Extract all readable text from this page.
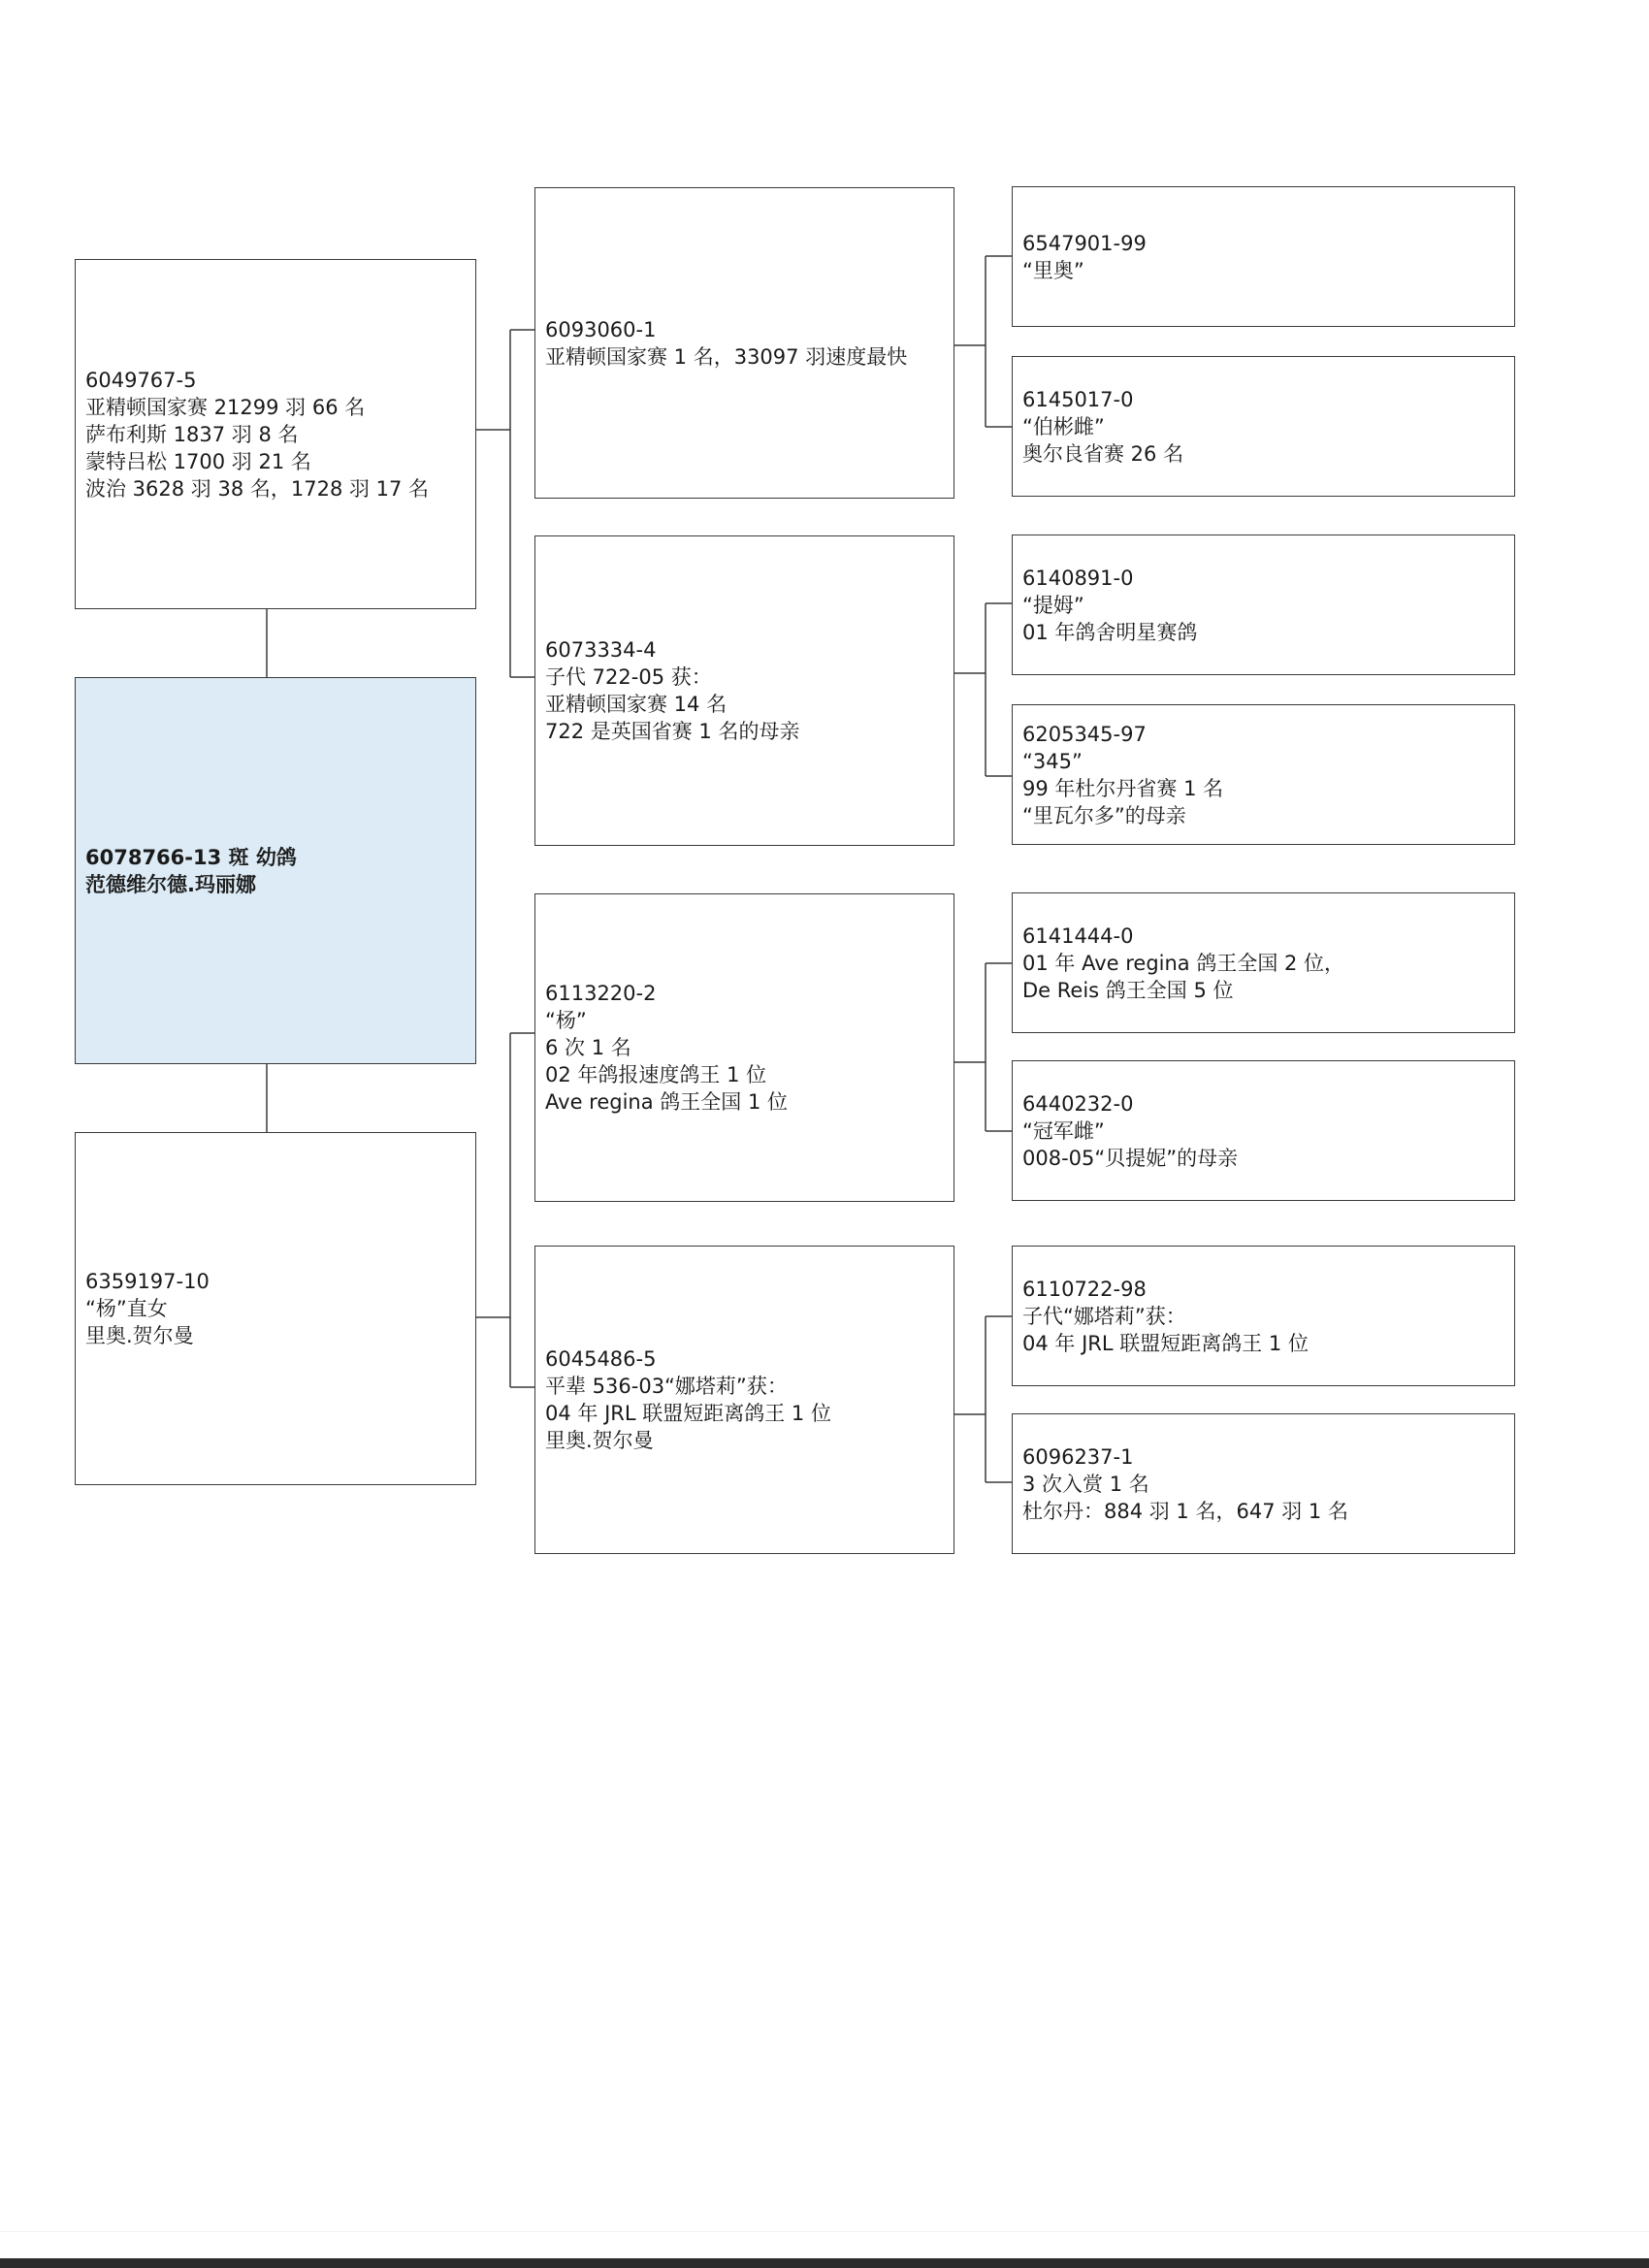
6078766-13 斑 幼鸽
范德维尔德.玛丽娜
6049767-5
亚精顿国家赛 21299 羽 66 名
萨布利斯 1837 羽 8 名
蒙特吕松 1700 羽 21 名
波治 3628 羽 38 名，1728 羽 17 名
6359197-10
“杨”直女
里奥.贺尔曼
6093060-1
亚精顿国家赛 1 名，33097 羽速度最快
6073334-4
子代 722-05 获：
亚精顿国家赛 14 名
722 是英国省赛 1 名的母亲
6113220-2
“杨”
6 次 1 名
02 年鸽报速度鸽王 1 位
Ave regina 鸽王全国 1 位
6045486-5
平辈 536-03“娜塔莉”获：
04 年 JRL 联盟短距离鸽王 1 位
里奥.贺尔曼
6547901-99
“里奥”
6145017-0
“伯彬雌”
奥尔良省赛 26 名
6140891-0
“提姆”
01 年鸽舍明星赛鸽
6205345-97
“345”
99 年杜尔丹省赛 1 名
“里瓦尔多”的母亲
6141444-0
01 年 Ave regina 鸽王全国 2 位，
De Reis 鸽王全国 5 位
6440232-0
“冠军雌”
008-05“贝提妮”的母亲
6110722-98
子代“娜塔莉”获：
04 年 JRL 联盟短距离鸽王 1 位
6096237-1
3 次入赏 1 名
杜尔丹：884 羽 1 名，647 羽 1 名
